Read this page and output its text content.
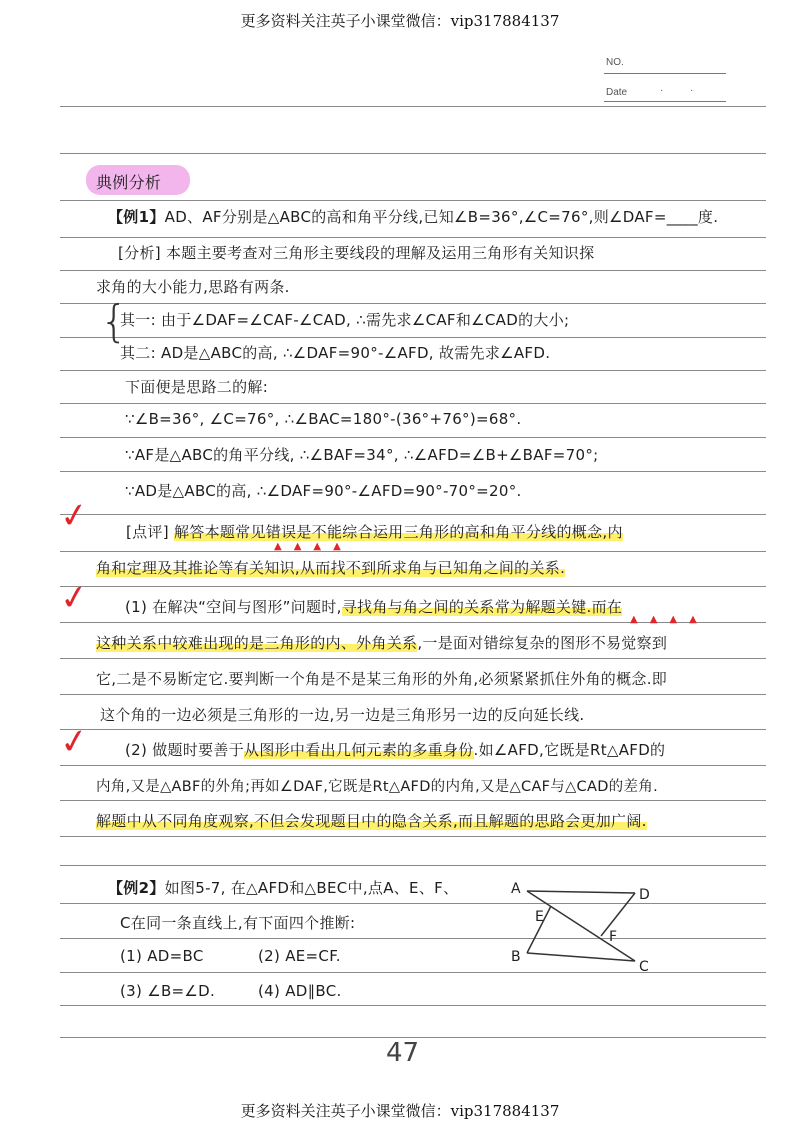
更多资料关注英子小课堂微信：vip317884137
NO.
Date	·	·
典例分析
【例1】AD、AF分别是△ABC的高和角平分线,已知∠B=36°,∠C=76°,则∠DAF=____度.
[分析] 本题主要考查对三角形主要线段的理解及运用三角形有关知识探
求角的大小能力,思路有两条.
{
其一: 由于∠DAF=∠CAF-∠CAD, ∴需先求∠CAF和∠CAD的大小;
其二: AD是△ABC的高, ∴∠DAF=90°-∠AFD, 故需先求∠AFD.
下面便是思路二的解:
∵∠B=36°, ∠C=76°, ∴∠BAC=180°-(36°+76°)=68°.
∵AF是△ABC的角平分线, ∴∠BAF=34°, ∴∠AFD=∠B+∠BAF=70°;
∵AD是△ABC的高, ∴∠DAF=90°-∠AFD=90°-70°=20°.
✓ [点评] 解答本题常见错误是不能综合运用三角形的高和角平分线的概念,内
角和定理及其推论等有关知识,从而找不到所求角与已知角之间的关系.
▲▲▲▲
✓ (1) 在解决“空间与图形”问题时,寻找角与角之间的关系常为解题关键.而在
▲▲▲▲
这种关系中较难出现的是三角形的内、外角关系,一是面对错综复杂的图形不易觉察到
它,二是不易断定它.要判断一个角是不是某三角形的外角,必须紧紧抓住外角的概念.即
这个角的一边必须是三角形的一边,另一边是三角形另一边的反向延长线.
✓ (2) 做题时要善于从图形中看出几何元素的多重身份.如∠AFD,它既是Rt△AFD的
内角,又是△ABF的外角;再如∠DAF,它既是Rt△AFD的内角,又是△CAF与△CAD的差角.
解题中从不同角度观察,不但会发现题目中的隐含关系,而且解题的思路会更加广阔.
【例2】如图5-7, 在△AFD和△BEC中,点A、E、F、
C在同一条直线上,有下面四个推断:
(1) AD=BC	(2) AE=CF.
(3) ∠B=∠D.	(4) AD∥BC.
A	D
E
F
B
C
47
更多资料关注英子小课堂微信：vip317884137
